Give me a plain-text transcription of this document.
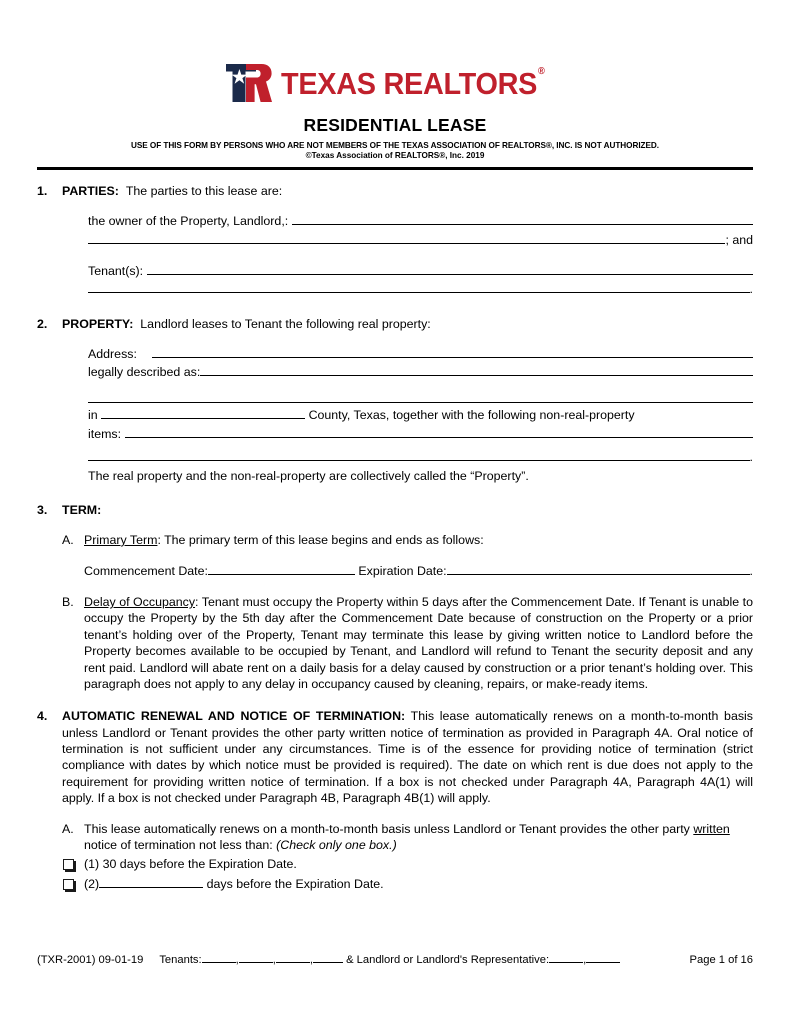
TEXAS REALTORS®
RESIDENTIAL LEASE
USE OF THIS FORM BY PERSONS WHO ARE NOT MEMBERS OF THE TEXAS ASSOCIATION OF REALTORS®, INC. IS NOT AUTHORIZED.
©Texas Association of REALTORS®, Inc. 2019
1.	PARTIES: The parties to this lease are:
the owner of the Property, Landlord,:

; and
Tenant(s):

.
2.	PROPERTY: Landlord leases to Tenant the following real property:
Address:
legally described as:
in

	County, Texas, together with the following non-real-property
items:

.
The real property and the non-real-property are collectively called the “Property”.
3.	TERM:
A. Primary Term: The primary term of this lease begins and ends as follows:
Commencement Date:
	Expiration Date:	.
B. Delay of Occupancy: Tenant must occupy the Property within 5 days after the Commencement Date. If Tenant is unable to occupy the Property by the 5th day after the Commencement Date because of construction on the Property or a prior tenant’s holding over of the Property, Tenant may terminate this lease by giving written notice to Landlord before the Property becomes available to be occupied by Tenant, and Landlord will refund to Tenant the security deposit and any rent paid. Landlord will abate rent on a daily basis for a delay caused by construction or a prior tenant’s holding over. This paragraph does not apply to any delay in occupancy caused by cleaning, repairs, or make-ready items.
4.	AUTOMATIC RENEWAL AND NOTICE OF TERMINATION: This lease automatically renews on a month-to-month basis unless Landlord or Tenant provides the other party written notice of termination as provided in Paragraph 4A. Oral notice of termination is not sufficient under any circumstances. Time is of the essence for providing notice of termination (strict compliance with dates by which notice must be provided is required). The date on which rent is due does not apply to the requirement for providing written notice of termination. If a box is not checked under Paragraph 4A, Paragraph 4A(1) will apply. If a box is not checked under Paragraph 4B, Paragraph 4B(1) will apply.
A. This lease automatically renews on a month-to-month basis unless Landlord or Tenant provides the other party written notice of termination not less than: (Check only one box.)
(1) 30 days before the Expiration Date.
(2)
	days before the Expiration Date.
(TXR-2001) 09-01-19 Tenants:	,	,	,
	& Landlord or Landlord's Representative:	,	Page 1 of 16
